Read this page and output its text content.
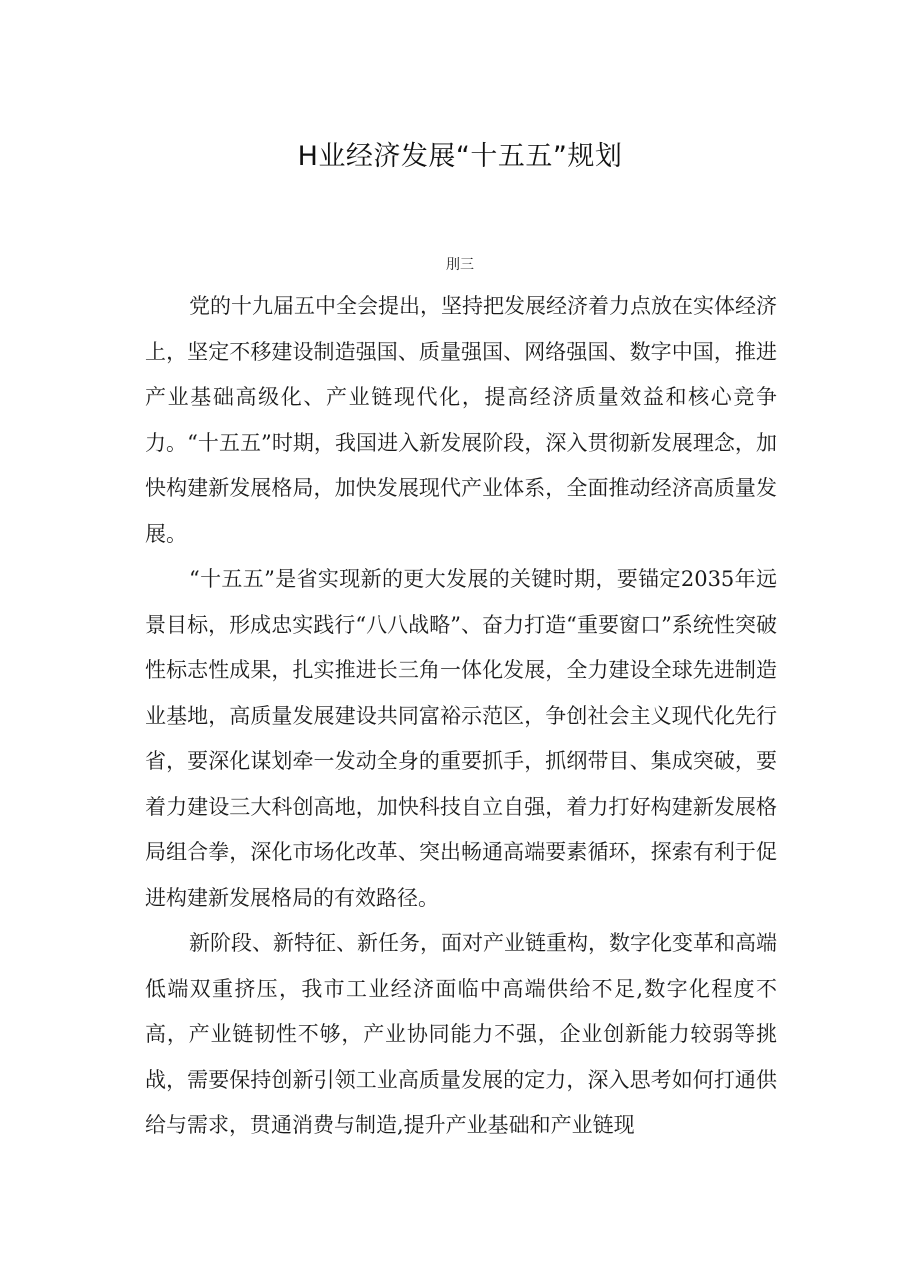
H业经济发展“十五五”规划
刖三

党的十九届五中全会提出，坚持把发展经济着力点放在实体经济上，坚定不移建设制造强国、质量强国、网络强国、数字中国，推进产业基础高级化、产业链现代化，提高经济质量效益和核心竞争力。“十五五”时期，我国进入新发展阶段，深入贯彻新发展理念，加快构建新发展格局，加快发展现代产业体系，全面推动经济高质量发展。

“十五五”是省实现新的更大发展的关键时期，要锚定2035年远景目标，形成忠实践行“八八战略”、奋力打造“重要窗口”系统性突破性标志性成果，扎实推进长三角一体化发展，全力建设全球先进制造业基地，高质量发展建设共同富裕示范区，争创社会主义现代化先行省，要深化谋划牵一发动全身的重要抓手，抓纲带目、集成突破，要着力建设三大科创高地，加快科技自立自强，着力打好构建新发展格局组合拳，深化市场化改革、突出畅通高端要素循环，探索有利于促进构建新发展格局的有效路径。

新阶段、新特征、新任务，面对产业链重构，数字化变革和高端低端双重挤压，我市工业经济面临中高端供给不足,数字化程度不高，产业链韧性不够，产业协同能力不强，企业创新能力较弱等挑战，需要保持创新引领工业高质量发展的定力，深入思考如何打通供给与需求，贯通消费与制造,提升产业基础和产业链现
